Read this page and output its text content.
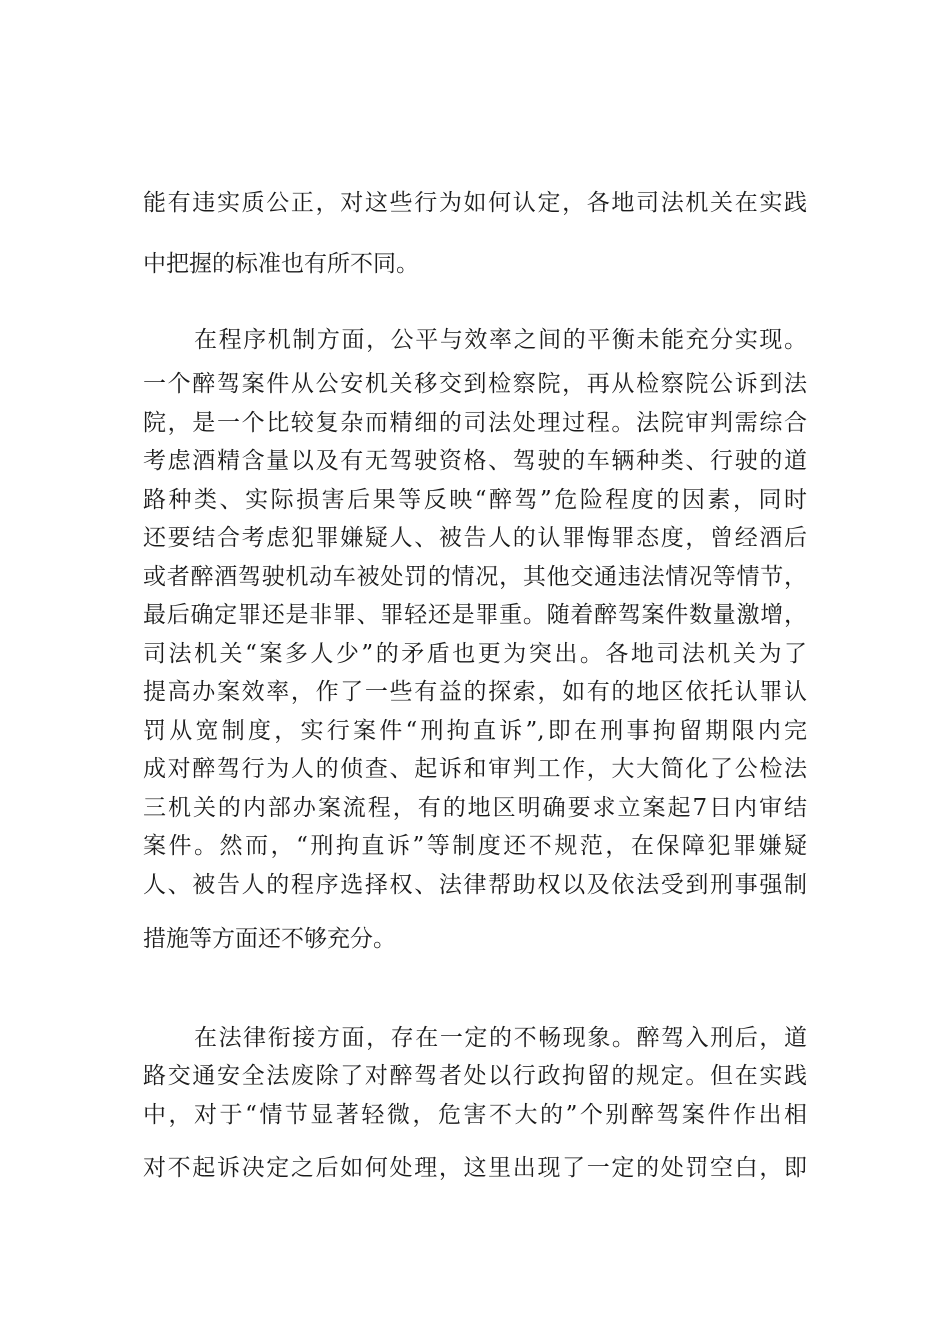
能有违实质公正，对这些行为如何认定，各地司法机关在实践
中把握的标准也有所不同。
在程序机制方面，公平与效率之间的平衡未能充分实现。
一个醉驾案件从公安机关移交到检察院，再从检察院公诉到法
院，是一个比较复杂而精细的司法处理过程。法院审判需综合
考虑酒精含量以及有无驾驶资格、驾驶的车辆种类、行驶的道
路种类、实际损害后果等反映“醉驾”危险程度的因素，同时
还要结合考虑犯罪嫌疑人、被告人的认罪悔罪态度，曾经酒后
或者醉酒驾驶机动车被处罚的情况，其他交通违法情况等情节，
最后确定罪还是非罪、罪轻还是罪重。随着醉驾案件数量激增，
司法机关“案多人少”的矛盾也更为突出。各地司法机关为了
提高办案效率，作了一些有益的探索，如有的地区依托认罪认
罚从宽制度，实行案件“刑拘直诉”,即在刑事拘留期限内完
成对醉驾行为人的侦查、起诉和审判工作，大大简化了公检法
三机关的内部办案流程，有的地区明确要求立案起7日内审结
案件。然而，“刑拘直诉”等制度还不规范，在保障犯罪嫌疑
人、被告人的程序选择权、法律帮助权以及依法受到刑事强制
措施等方面还不够充分。
在法律衔接方面，存在一定的不畅现象。醉驾入刑后，道
路交通安全法废除了对醉驾者处以行政拘留的规定。但在实践
中，对于“情节显著轻微，危害不大的”个别醉驾案件作出相
对不起诉决定之后如何处理，这里出现了一定的处罚空白，即
